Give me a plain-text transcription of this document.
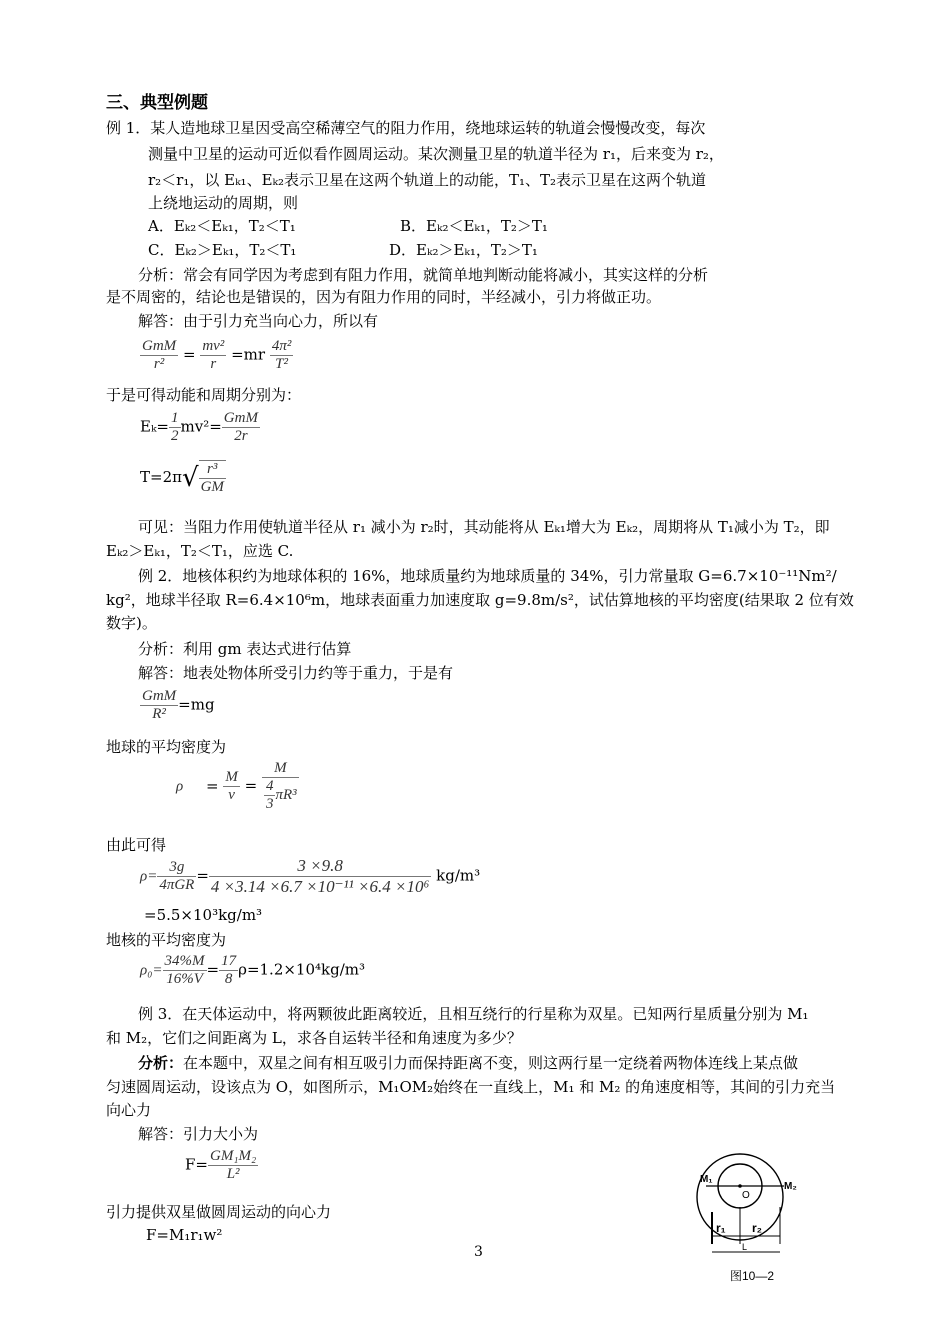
三、典型例题
例 1．某人造地球卫星因受高空稀薄空气的阻力作用，绕地球运转的轨道会慢慢改变，每次
测量中卫星的运动可近似看作圆周运动。某次测量卫星的轨道半径为 r₁，后来变为 r₂，
r₂＜r₁，以 Eₖ₁、Eₖ₂表示卫星在这两个轨道上的动能，T₁、T₂表示卫星在这两个轨道
上绕地运动的周期，则
A．Eₖ₂＜Eₖ₁，T₂＜T₁	B．Eₖ₂＜Eₖ₁，T₂＞T₁
C．Eₖ₂＞Eₖ₁，T₂＜T₁	D．Eₖ₂＞Eₖ₁，T₂＞T₁
分析：常会有同学因为考虑到有阻力作用，就简单地判断动能将减小，其实这样的分析
是不周密的，结论也是错误的，因为有阻力作用的同时，半经减小，引力将做正功。
解答：由于引力充当向心力，所以有
$\frac{\text{GmM}}{\text{r²}} = \frac{\text{mv²}}{r} =mr \frac{\text{4π²}}{\text{T²}}$
于是可得动能和周期分别为：
$E_k= \frac{1}{2} mv^2= \frac{\text{GmM}}{2r}$
$T=2\pi√ \frac{\text{r³}}{GM}$
可见：当阻力作用使轨道半径从 r₁ 减小为 r₂时，其动能将从 Eₖ₁增大为 Eₖ₂，周期将从 T₁减小为 T₂，即
Eₖ₂＞Eₖ₁，T₂＜T₁，应选 C.
例 2．地核体积约为地球体积的 16%，地球质量约为地球质量的 34%，引力常量取 G=6.7×10⁻¹¹Nm²/
kg²，地球半径取 R=6.4×10⁶m，地球表面重力加速度取 g=9.8m/s²，试估算地核的平均密度(结果取 2 位有效
数字)。
分析：利用 gm 表达式进行估算
解答：地表处物体所受引力约等于重力，于是有
$\frac{\text{GmM}}{\text{R²}} =mg$
地球的平均密度为
$\rho = \frac{M}{v} = \frac{M}{\frac{4}{3} \pi R^3}$
由此可得
$\rho= \frac{3g}{\text{4πGR}} = \frac{3 \times 9.8}{\text{4 ×3.14 ×6.7 ×10⁻¹¹ ×6.4 ×10⁶}} kg/m^3$
=5.5×10³kg/m³
地核的平均密度为
$\rho_0= \frac{34\%M}{16\%V} = \frac{17}{8} \rho=1.2\times 10^4kg/m^3$
例 3．在天体运动中，将两颗彼此距离较近，且相互绕行的行星称为双星。已知两行星质量分别为 M₁
和 M₂，它们之间距离为 L，求各自运转半径和角速度为多少？
分析：在本题中，双星之间有相互吸引力而保持距离不变，则这两行星一定绕着两物体连线上某点做
匀速圆周运动，设该点为 O，如图所示，M₁OM₂始终在一直线上，M₁ 和 M₂ 的角速度相等，其间的引力充当
向心力
解答：引力大小为
$F= \frac{\text{GM₁M₂}}{\text{L²}}$
引力提供双星做圆周运动的向心力
F=M₁r₁w²
3
M₁
M₂
O
r₁ r₂
L
图10—2
